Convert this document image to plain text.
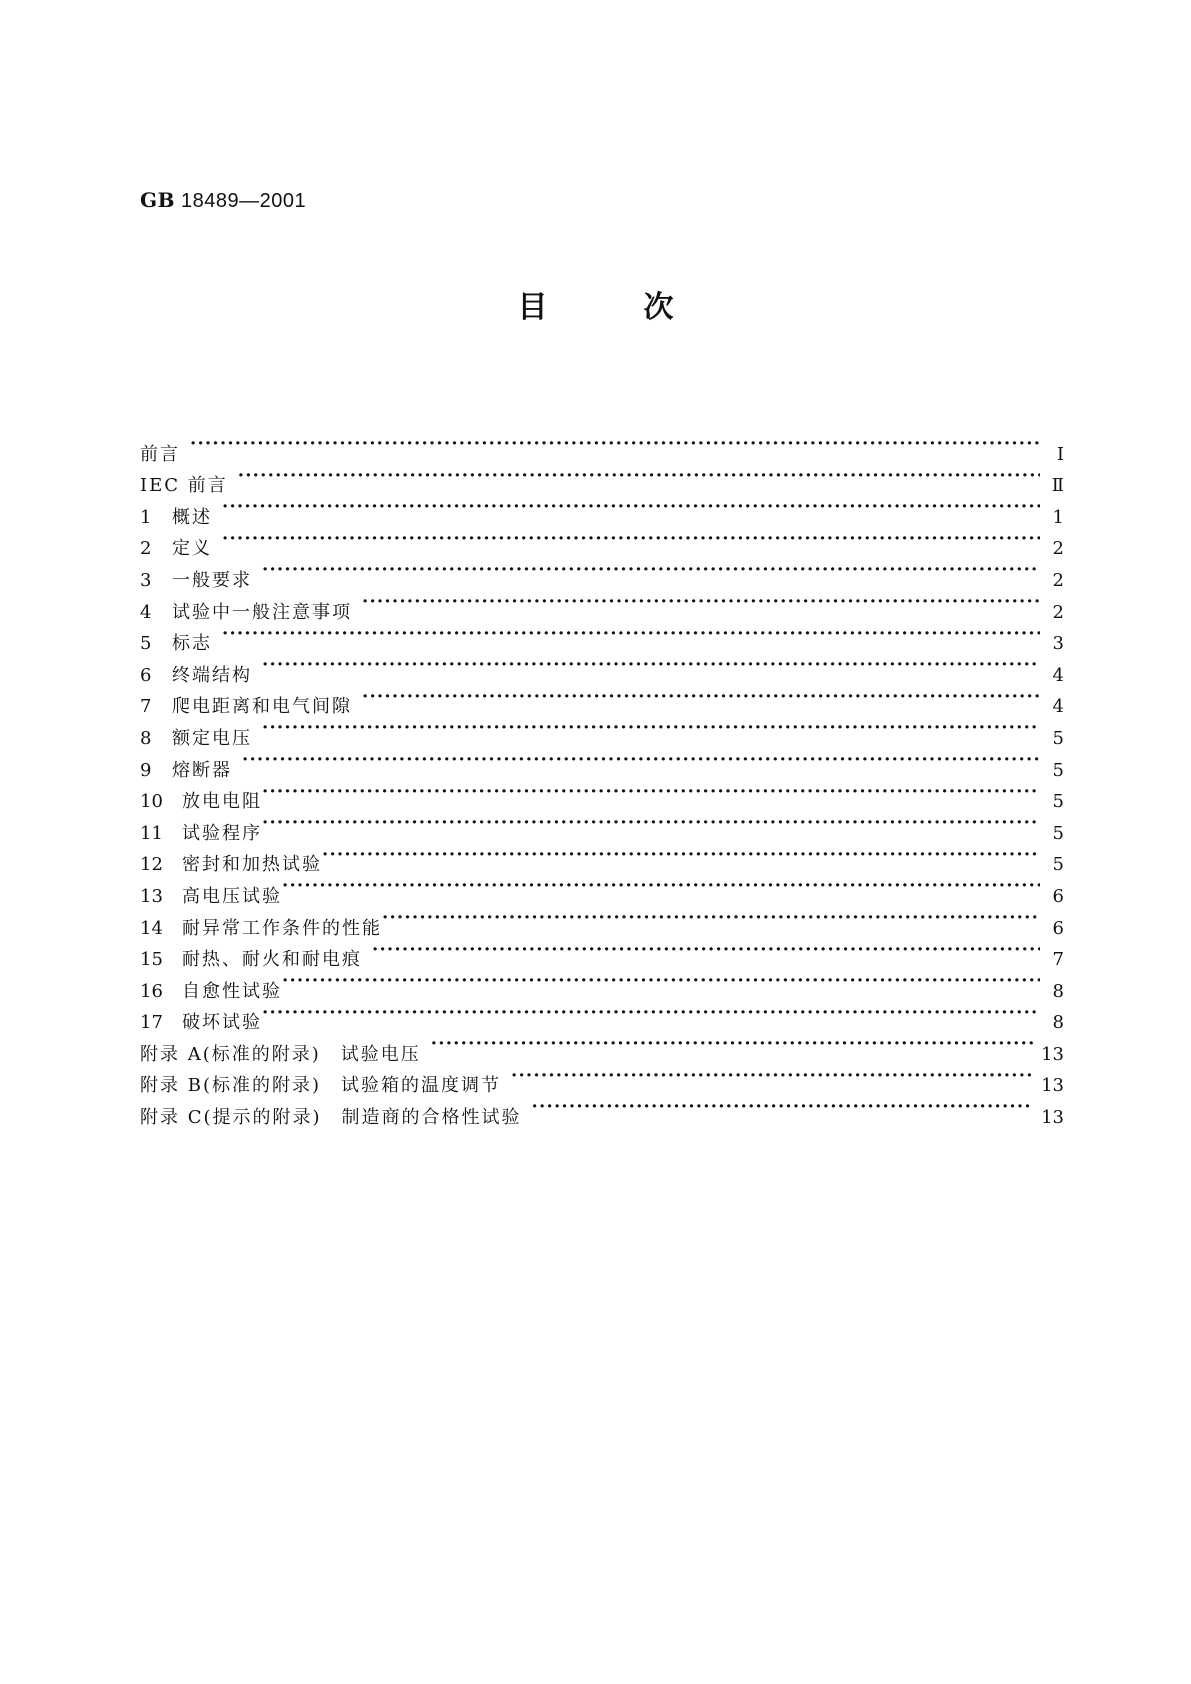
GB 18489—2001
目次
前言 ·····	Ⅰ
IEC 前言 ·····	Ⅱ
1 概述 ·····	1
2 定义 ·····	2
3 一般要求 ·····	2
4 试验中一般注意事项 ·····	2
5 标志 ·····	3
6 终端结构 ·····	4
7 爬电距离和电气间隙 ·····	4
8 额定电压 ·····	5
9 熔断器 ·····	5
10 放电电阻 ·····	5
11 试验程序 ·····	5
12 密封和加热试验 ·····	5
13 高电压试验 ·····	6
14 耐异常工作条件的性能 ·····	6
15 耐热、耐火和耐电痕 ·····	7
16 自愈性试验 ·····	8
17 破坏试验 ·····	8
附录 A(标准的附录)　试验电压 ·····	13
附录 B(标准的附录)　试验箱的温度调节 ·····	13
附录 C(提示的附录)　制造商的合格性试验 ·····	13
